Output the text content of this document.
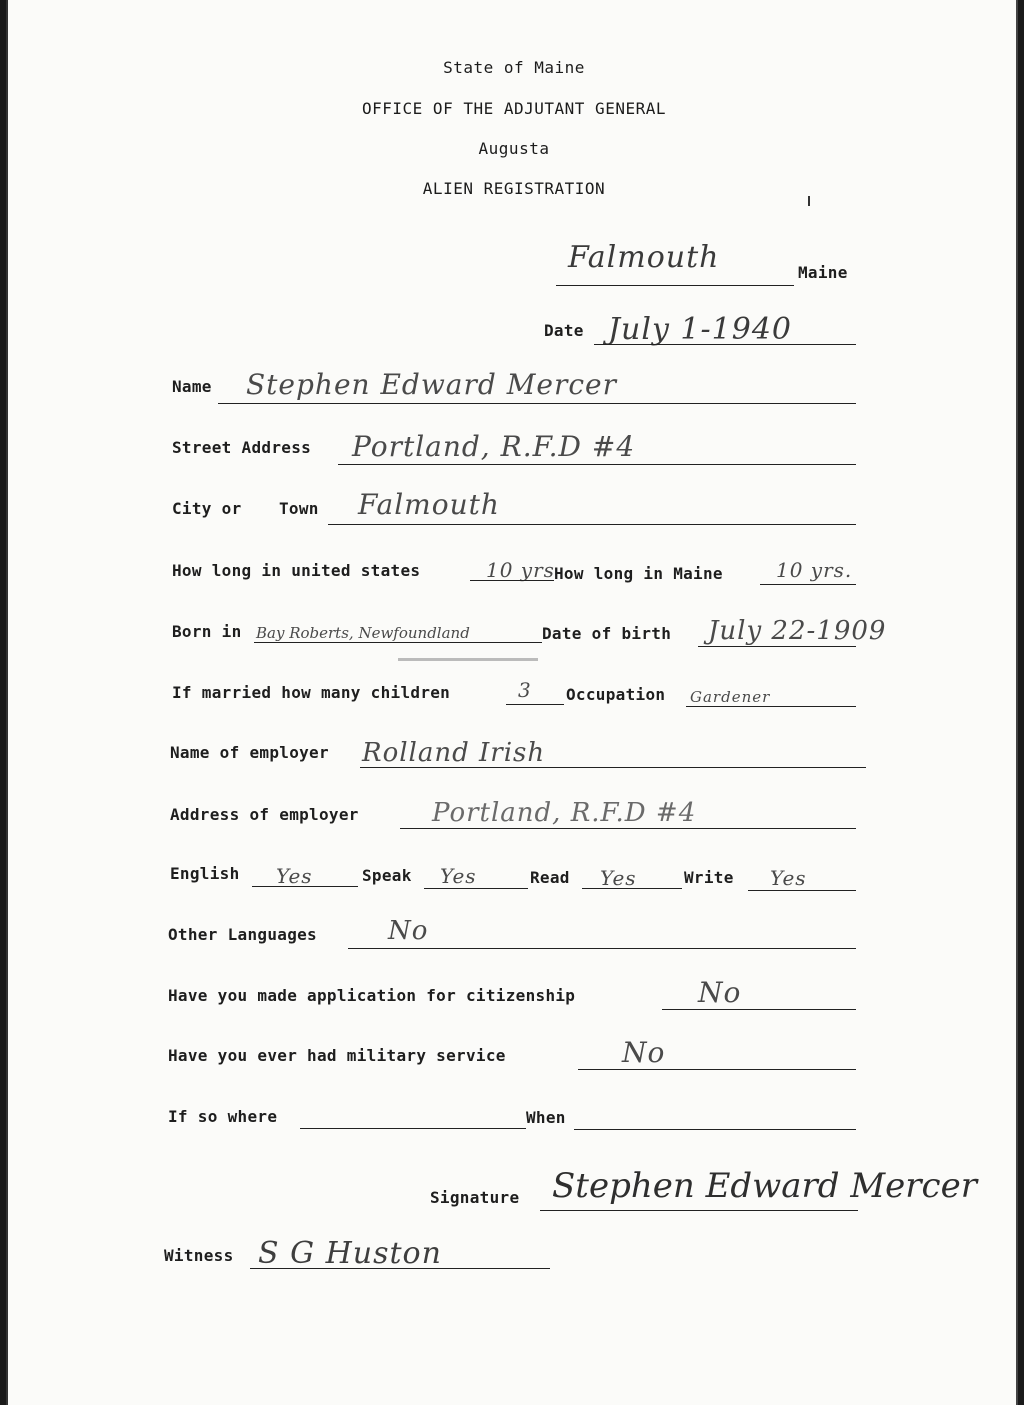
State of Maine
OFFICE OF THE ADJUTANT GENERAL
Augusta
ALIEN REGISTRATION
Falmouth	Maine
Date July 1-1940
Name Stephen Edward Mercer
Street Address Portland, R.F.D #4
City or Town Falmouth
How long in united states	10 yrs How long in Maine	10 yrs.
Born in Bay Roberts, Newfoundland	Date of birth July 22-1909
If married how many children	3 Occupation Gardener
Name of employer Rolland Irish
Address of employer	Portland, R.F.D #4
English Yes	Speak Yes	Read Yes	Write Yes
Other Languages	No
Have you made application for citizenship	No
Have you ever had military service	No
If so where	When
Signature Stephen Edward Mercer
Witness S G Huston
